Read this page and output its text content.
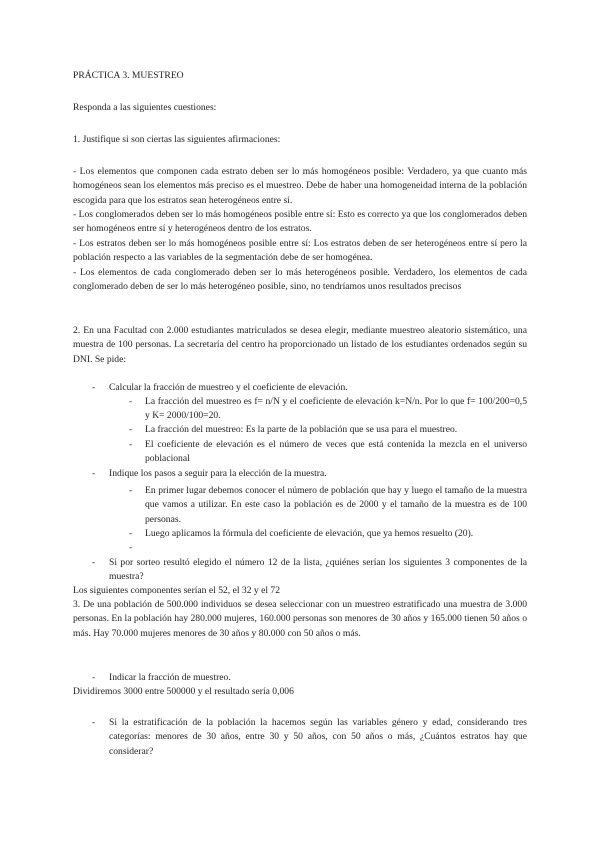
PRÁCTICA 3. MUESTREO

Responda a las siguientes cuestiones:

1. Justifique si son ciertas las siguientes afirmaciones:

- Los elementos que componen cada estrato deben ser lo más homogéneos posible: Verdadero, ya que cuanto más homogéneos sean los elementos más preciso es el muestreo. Debe de haber una homogeneidad interna de la población escogida para que los estratos sean heterogéneos entre sí.

- Los conglomerados deben ser lo más homogéneos posible entre sí: Esto es correcto ya que los conglomerados deben ser homogéneos entre sí y heterogéneos dentro de los estratos.

- Los estratos deben ser lo más homogéneos posible entre sí: Los estratos deben de ser heterogéneos entre sí pero la población respecto a las variables de la segmentación debe de ser homogénea.

- Los elementos de cada conglomerado deben ser lo más heterogéneos posible. Verdadero, los elementos de cada conglomerado deben de ser lo más heterogéneo posible, sino, no tendríamos unos resultados precisos

2. En una Facultad con 2.000 estudiantes matriculados se desea elegir, mediante muestreo aleatorio sistemático, una muestra de 100 personas. La secretaría del centro ha proporcionado un listado de los estudiantes ordenados según su DNI. Se pide:

-	Calcular la fracción de muestreo y el coeficiente de elevación.

-	La fracción del muestreo es f= n/N y el coeficiente de elevación k=N/n. Por lo que f= 100/200=0,5 y K= 2000/100=20.

-	La fracción del muestreo: Es la parte de la población que se usa para el muestreo.

-	El coeficiente de elevación es el número de veces que está contenida la mezcla en el universo poblacional

-	Indique los pasos a seguir para la elección de la muestra.

-	En primer lugar debemos conocer el número de población que hay y luego el tamaño de la muestra que vamos a utilizar. En este caso la población es de 2000 y el tamaño de la muestra es de 100 personas.

-	Luego aplicamos la fórmula del coeficiente de elevación, que ya hemos resuelto (20).

-

-	Si por sorteo resultó elegido el número 12 de la lista, ¿quiénes serían los siguientes 3 componentes de la muestra?

Los siguientes componentes serían el 52, el 32 y el 72

3. De una población de 500.000 individuos se desea seleccionar con un muestreo estratificado una muestra de 3.000 personas. En la población hay 280.000 mujeres, 160.000 personas son menores de 30 años y 165.000 tienen 50 años o más. Hay 70.000 mujeres menores de 30 años y 80.000 con 50 años o más.

-	Indicar la fracción de muestreo.

Dividiremos 3000 entre 500000 y el resultado sería 0,006

-	Si la estratificación de la población la hacemos según las variables género y edad, considerando tres categorías: menores de 30 años, entre 30 y 50 años, con 50 años o más, ¿Cuántos estratos hay que considerar?
